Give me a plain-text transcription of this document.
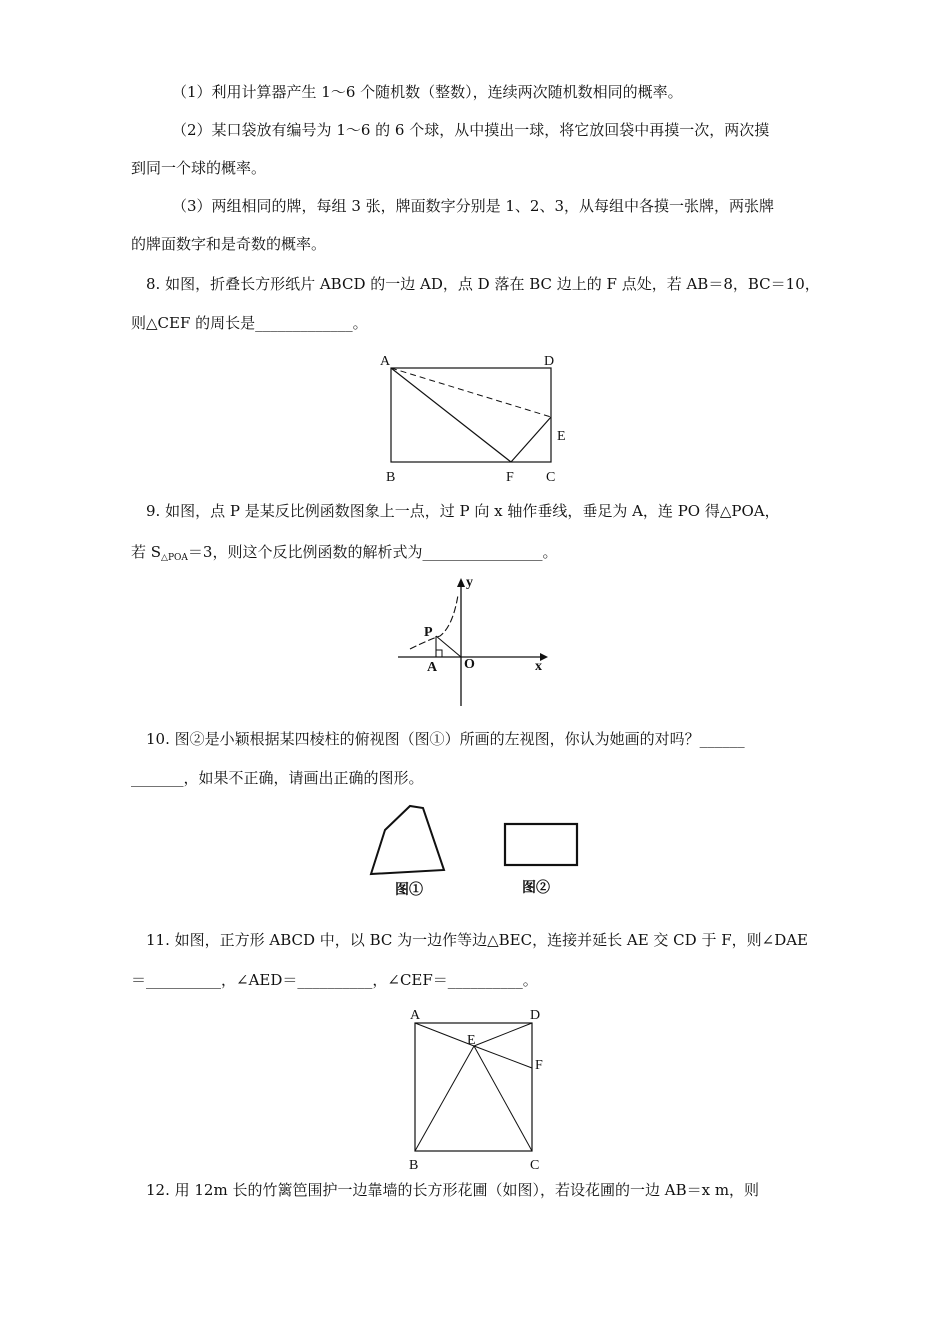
（1）利用计算器产生 1～6 个随机数（整数），连续两次随机数相同的概率。
（2）某口袋放有编号为 1～6 的 6 个球，从中摸出一球，将它放回袋中再摸一次，两次摸
到同一个球的概率。
（3）两组相同的牌，每组 3 张，牌面数字分别是 1、2、3，从每组中各摸一张牌，两张牌
的牌面数字和是奇数的概率。
8. 如图，折叠长方形纸片 ABCD 的一边 AD，点 D 落在 BC 边上的 F 点处，若 AB＝8，BC＝10，
则△CEF 的周长是_____________。
A	D
E
B	F C
9. 如图，点 P 是某反比例函数图象上一点，过 P 向 x 轴作垂线，垂足为 A，连 PO 得△POA，
若 $S_{\triangle POA}=3$，则这个反比例函数的解析式为________________。
y
x
P
A O
10. 图②是小颖根据某四棱柱的俯视图（图①）所画的左视图，你认为她画的对吗？______
_______，如果不正确，请画出正确的图形。
图①	图②
11. 如图，正方形 ABCD 中，以 BC 为一边作等边△BEC，连接并延长 AE 交 CD 于 F，则∠DAE
＝__________，∠AED＝__________，∠CEF＝__________。
A	D
E
F
B	C
12. 用 12m 长的竹篱笆围护一边靠墙的长方形花圃（如图），若设花圃的一边 AB＝x m，则
